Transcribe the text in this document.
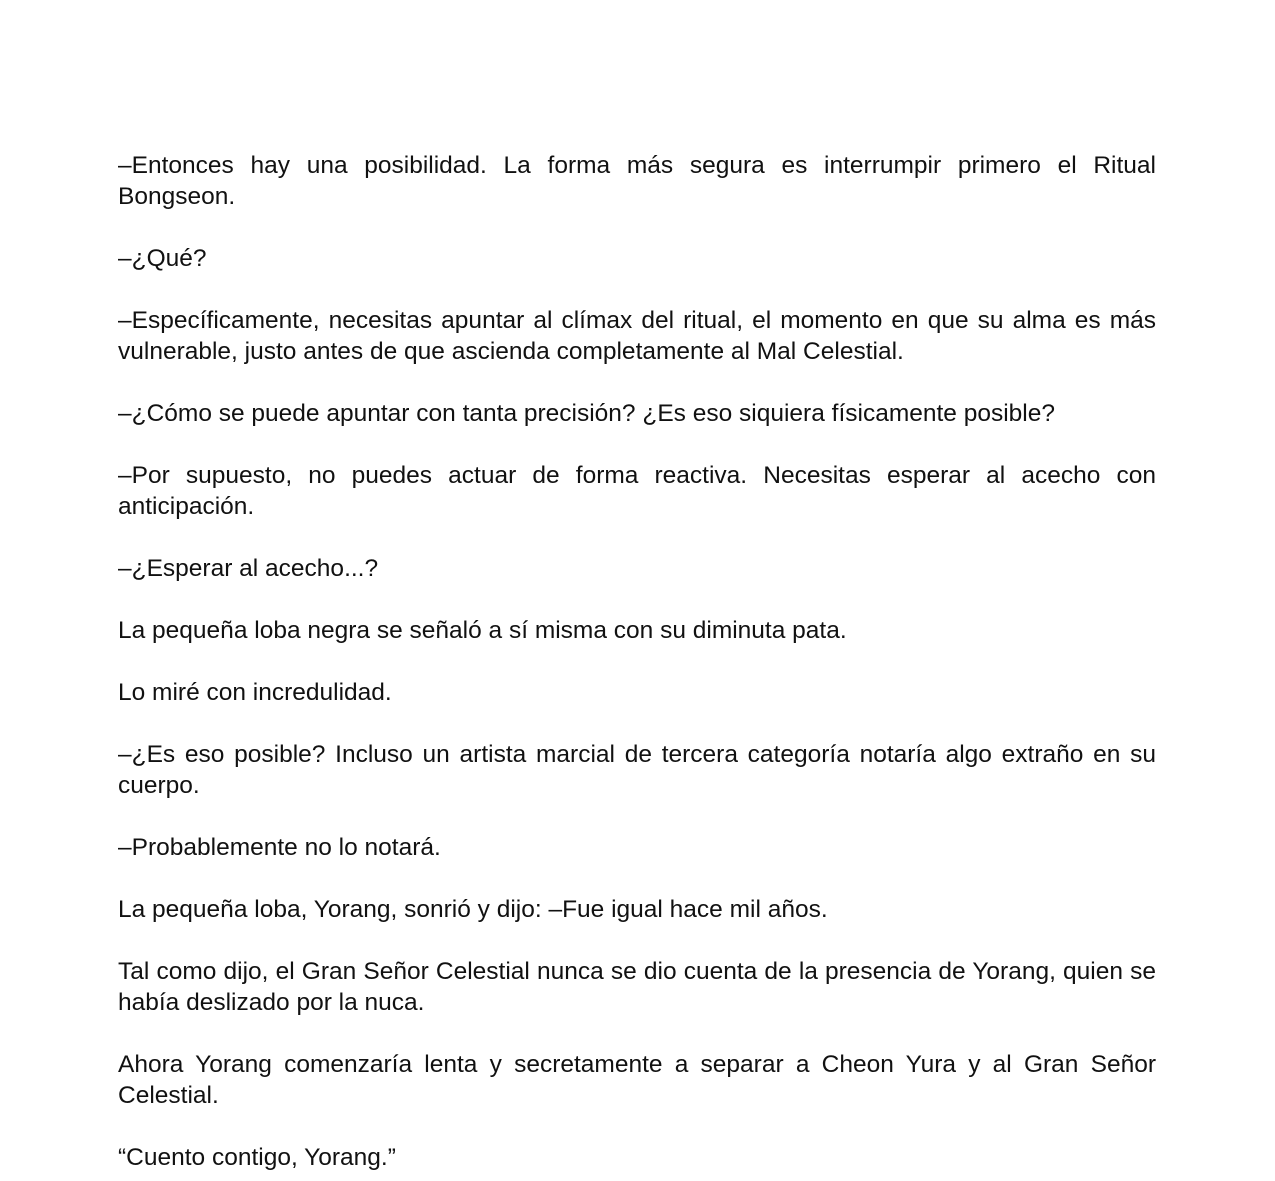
–Entonces hay una posibilidad. La forma más segura es interrumpir primero el Ritual Bongseon.

–¿Qué?

–Específicamente, necesitas apuntar al clímax del ritual, el momento en que su alma es más vulnerable, justo antes de que ascienda completamente al Mal Celestial.

–¿Cómo se puede apuntar con tanta precisión? ¿Es eso siquiera físicamente posible?

–Por supuesto, no puedes actuar de forma reactiva. Necesitas esperar al acecho con anticipación.

–¿Esperar al acecho...?

La pequeña loba negra se señaló a sí misma con su diminuta pata.

Lo miré con incredulidad.

–¿Es eso posible? Incluso un artista marcial de tercera categoría notaría algo extraño en su cuerpo.

–Probablemente no lo notará.

La pequeña loba, Yorang, sonrió y dijo: –Fue igual hace mil años.

Tal como dijo, el Gran Señor Celestial nunca se dio cuenta de la presencia de Yorang, quien se había deslizado por la nuca.

Ahora Yorang comenzaría lenta y secretamente a separar a Cheon Yura y al Gran Señor Celestial.

“Cuento contigo, Yorang.”
